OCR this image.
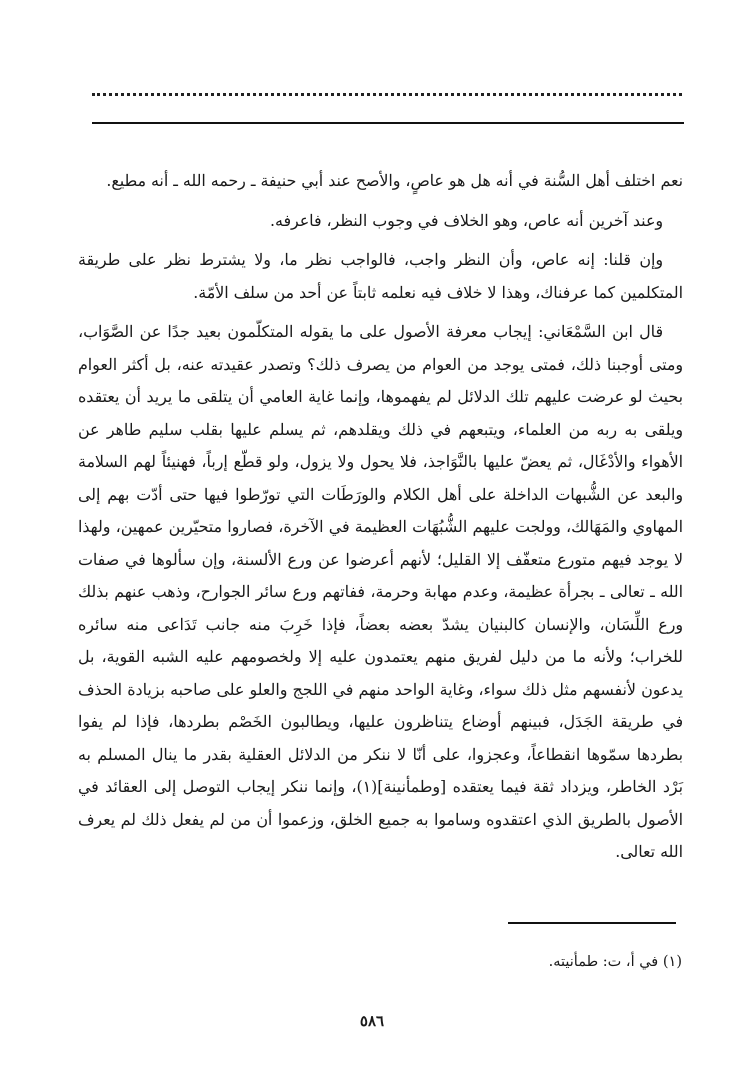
نعم اختلف أهل السُّنة في أنه هل هو عاصٍ، والأصح عند أبي حنيفة ـ رحمه الله ـ أنه مطيع.

وعند آخرين أنه عاص، وهو الخلاف في وجوب النظر، فاعرفه.

وإن قلنا: إنه عاص، وأن النظر واجب، فالواجب نظر ما، ولا يشترط نظر على طريقة المتكلمين كما عرفناك، وهذا لا خلاف فيه نعلمه ثابتاً عن أحد من سلف الأمّة.

قال ابن السَّمْعَاني: إيجاب معرفة الأصول على ما يقوله المتكلّمون بعيد جدًا عن الصَّوَاب، ومتى أوجبنا ذلك، فمتى يوجد من العوام من يصرف ذلك؟ وتصدر عقيدته عنه، بل أكثر العوام بحيث لو عرضت عليهم تلك الدلائل لم يفهموها، وإنما غاية العامي أن يتلقى ما يريد أن يعتقده ويلقى به ربه من العلماء، ويتبعهم في ذلك ويقلدهم، ثم يسلم عليها بقلب سليم طاهر عن الأهواء والأدْغَال، ثم يعضّ عليها بالنَّوَاجذ، فلا يحول ولا يزول، ولو قطّع إرباً، فهنيئاً لهم السلامة والبعد عن الشُّبهات الداخلة على أهل الكلام والورَطَات التي تورّطوا فيها حتى أدّت بهم إلى المهاوي والمَهَالك، وولجت عليهم الشُّبُهَات العظيمة في الآخرة، فصاروا متحيّرين عمهين، ولهذا لا يوجد فيهم متورع متعفّف إلا القليل؛ لأنهم أعرضوا عن ورع الألسنة، وإن سألوها في صفات الله ـ تعالى ـ بجرأة عظيمة، وعدم مهابة وحرمة، ففاتهم ورع سائر الجوارح، وذهب عنهم بذلك ورع اللِّسَان، والإنسان كالبنيان يشدّ بعضه بعضاً، فإذا خَرِبَ منه جانب تَدَاعى منه سائره للخراب؛ ولأنه ما من دليل لفريق منهم يعتمدون عليه إلا ولخصومهم عليه الشبه القوية، بل يدعون لأنفسهم مثل ذلك سواء، وغاية الواحد منهم في اللجج والعلو على صاحبه بزيادة الحذف في طريقة الجَدَل، فبينهم أوضاع يتناظرون عليها، ويطالبون الخَصْم بطردها، فإذا لم يفوا بطردها سمّوها انقطاعاً، وعجزوا، على أنّا لا ننكر من الدلائل العقلية بقدر ما ينال المسلم به بَرْد الخاطر، ويزداد ثقة فيما يعتقده [وطمأنينة](١)، وإنما ننكر إيجاب التوصل إلى العقائد في الأصول بالطريق الذي اعتقدوه وساموا به جميع الخلق، وزعموا أن من لم يفعل ذلك لم يعرف الله تعالى.

(١) في أ، ت: طمأنيته.
٥٨٦
